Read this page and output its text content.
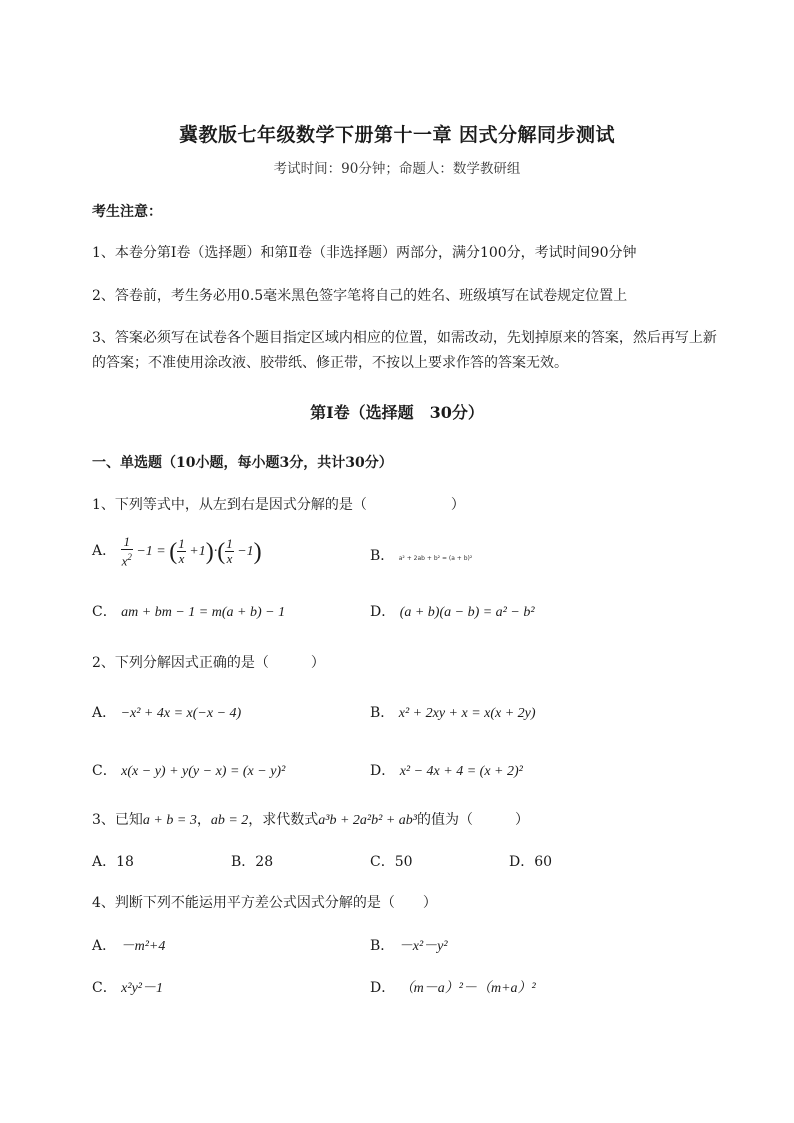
冀教版七年级数学下册第十一章 因式分解同步测试
考试时间：90分钟；命题人：数学教研组
考生注意：
1、本卷分第I卷（选择题）和第Ⅱ卷（非选择题）两部分，满分100分，考试时间90分钟
2、答卷前，考生务必用0.5毫米黑色签字笔将自己的姓名、班级填写在试卷规定位置上
3、答案必须写在试卷各个题目指定区域内相应的位置，如需改动，先划掉原来的答案，然后再写上新
的答案；不准使用涂改液、胶带纸、修正带，不按以上要求作答的答案无效。
第I卷（选择题　30分）
一、单选题（10小题，每小题3分，共计30分）
1、下列等式中，从左到右是因式分解的是（　　　　　　）
A． $\frac{1}{x^2} -1$ = ( $\frac{1}{x} +1)\cdot( \frac{1}{x} -1)$	B． a² + 2ab + b² = (a + b)²
C． am + bm − 1 = m(a + b) − 1	D． (a + b)(a − b) = a² − b²
2、下列分解因式正确的是（　　　）
A． −x² + 4x = x(−x − 4)	B． x² + 2xy + x = x(x + 2y)
C． x(x − y) + y(y − x) = (x − y)²	D． x² − 4x + 4 = (x + 2)²
3、已知a + b = 3，ab = 2，求代数式a³b + 2a²b² + ab³的值为（　　　）
A．18	B．28	C．50	D．60
4、判断下列不能运用平方差公式因式分解的是（　　）
A． －m²+4	B． －x²－y²
C． x²y²－1	D． （m－a）²－（m+a）²
